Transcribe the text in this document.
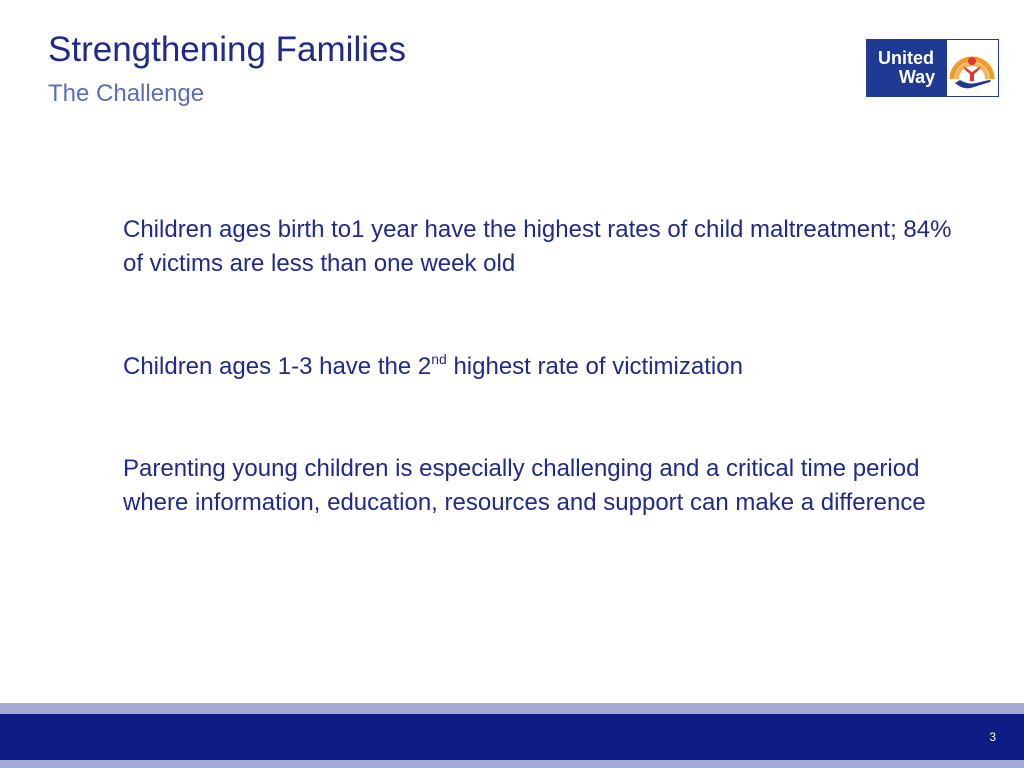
Strengthening Families
The Challenge
United
Way

Children ages birth to1 year have the highest rates of child maltreatment; 84% of victims are less than one week old

Children ages 1-3 have the 2nd highest rate of victimization

Parenting young children is especially challenging and a critical time period where information, education, resources and support can make a difference

3
